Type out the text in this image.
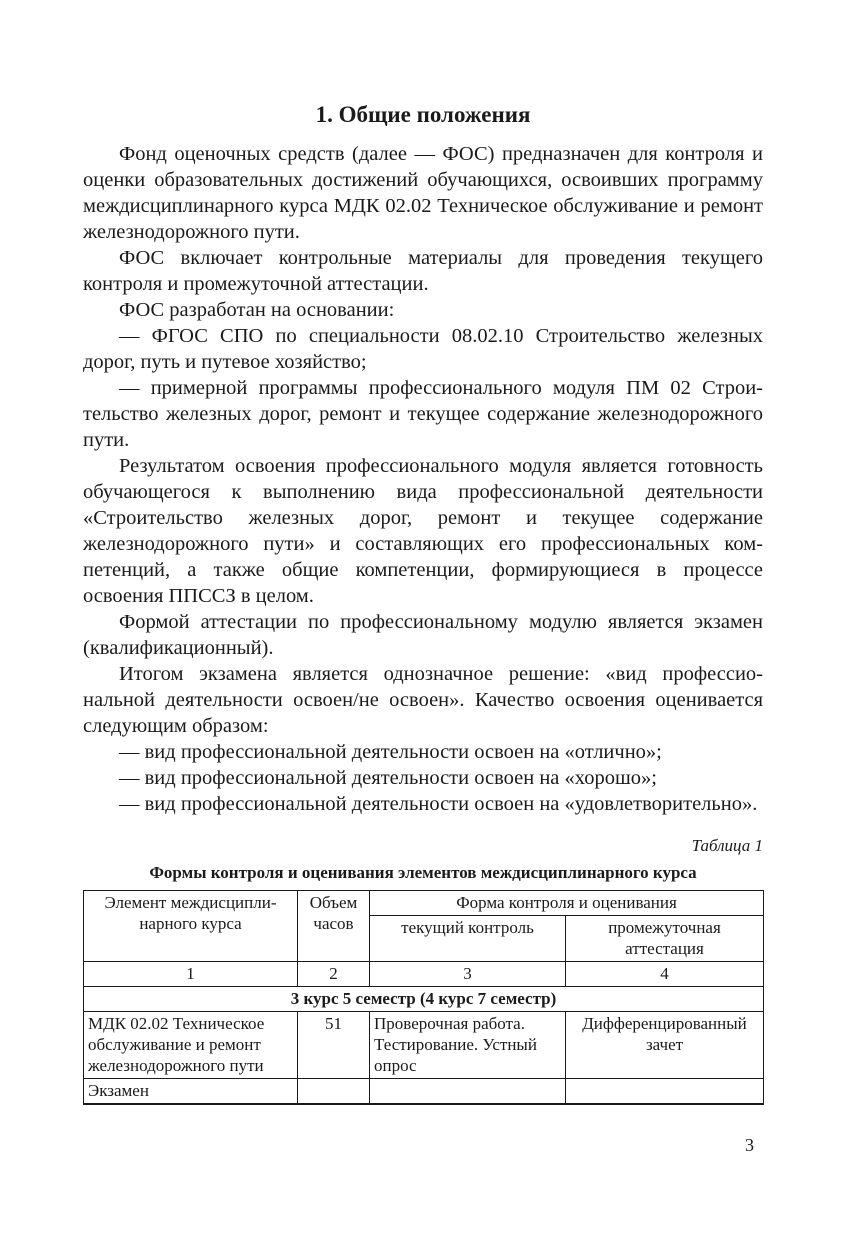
1. Общие положения

Фонд оценочных средств (далее — ФОС) предназначен для контроля и оценки образовательных достижений обучающихся, освоивших программу междисциплинарного курса МДК 02.02 Техническое обслуживание и ремонт железнодорожного пути.

ФОС включает контрольные материалы для проведения текущего контроля и промежуточной аттестации.

ФОС разработан на основании:

— ФГОС СПО по специальности 08.02.10 Строительство железных дорог, путь и путевое хозяйство;

— примерной программы профессионального модуля ПМ 02 Строительство железных дорог, ремонт и текущее содержание железнодорожного пути.

Результатом освоения профессионального модуля является готовность обучающегося к выполнению вида профессиональной деятельности «Строительство железных дорог, ремонт и текущее содержание железнодорожного пути» и составляющих его профессиональных компетенций, а также общие компетенции, формирующиеся в процессе освоения ППССЗ в целом.

Формой аттестации по профессиональному модулю является экзамен (квалификационный).

Итогом экзамена является однозначное решение: «вид профессиональной деятельности освоен/не освоен». Качество освоения оценивается следующим образом:

— вид профессиональной деятельности освоен на «отлично»;

— вид профессиональной деятельности освоен на «хорошо»;

— вид профессиональной деятельности освоен на «удовлетворительно».

Таблица 1
Формы контроля и оценивания элементов междисциплинарного курса
Элемент междисциплинарного курса	Объем часов	Форма контроля и оценивания	
		текущий контроль	промежуточная аттестация
1	2	3	4
3 курс 5 семестр (4 курс 7 семестр)			
МДК 02.02 Техническое обслуживание и ремонт железнодорожного пути	51	Проверочная работа. Тестирование. Устный опрос	Дифференцированный зачет
Экзамен			
3
